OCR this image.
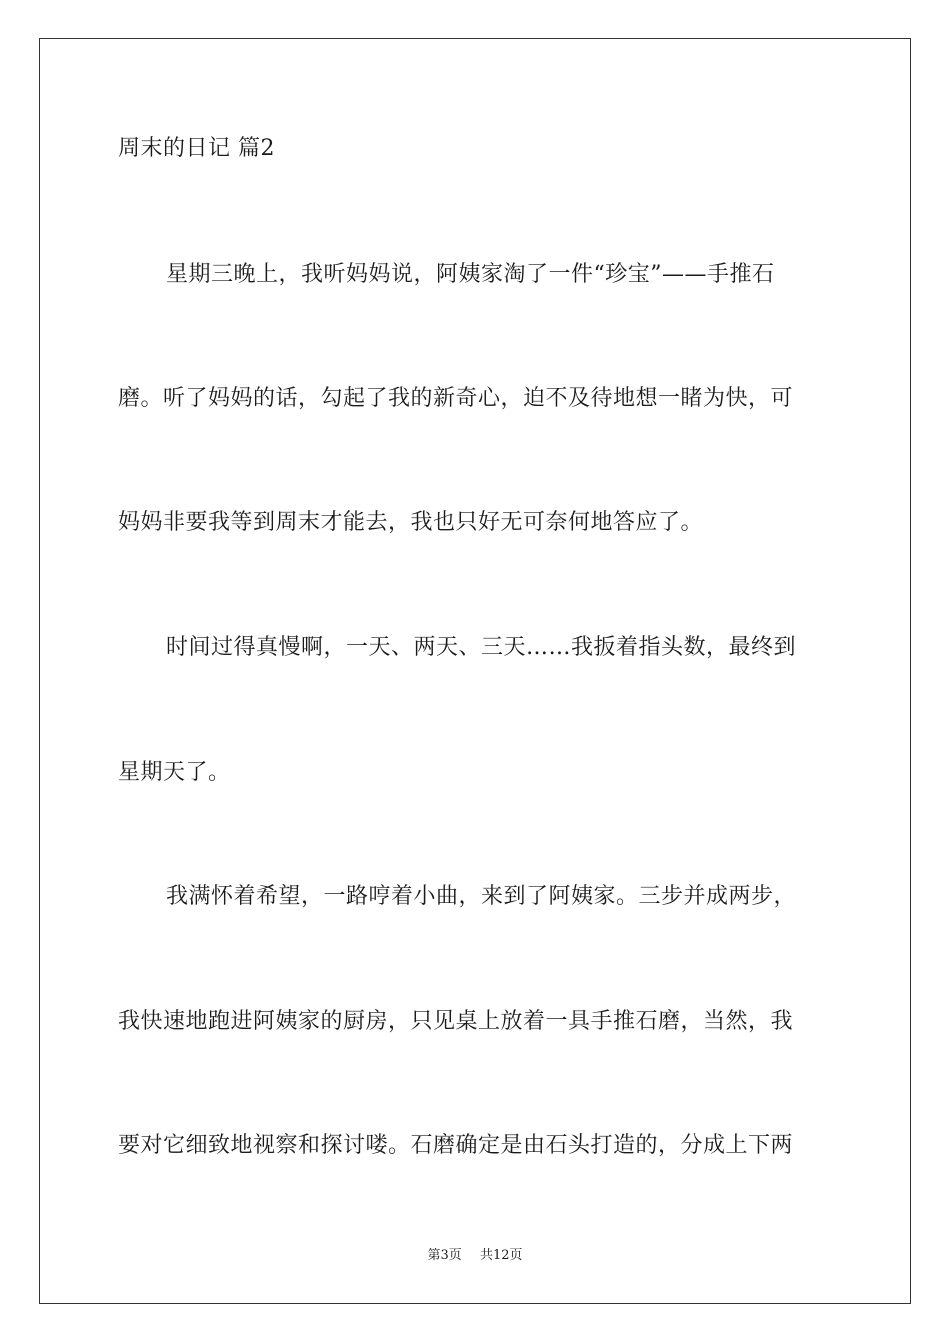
周末的日记 篇2
星期三晚上，我听妈妈说，阿姨家淘了一件“珍宝”——手推石
磨。听了妈妈的话，勾起了我的新奇心，迫不及待地想一睹为快，可
妈妈非要我等到周末才能去，我也只好无可奈何地答应了。
时间过得真慢啊，一天、两天、三天……我扳着指头数，最终到
星期天了。
我满怀着希望，一路哼着小曲，来到了阿姨家。三步并成两步，
我快速地跑进阿姨家的厨房，只见桌上放着一具手推石磨，当然，我
要对它细致地视察和探讨喽。石磨确定是由石头打造的，分成上下两
第3页 共12页
